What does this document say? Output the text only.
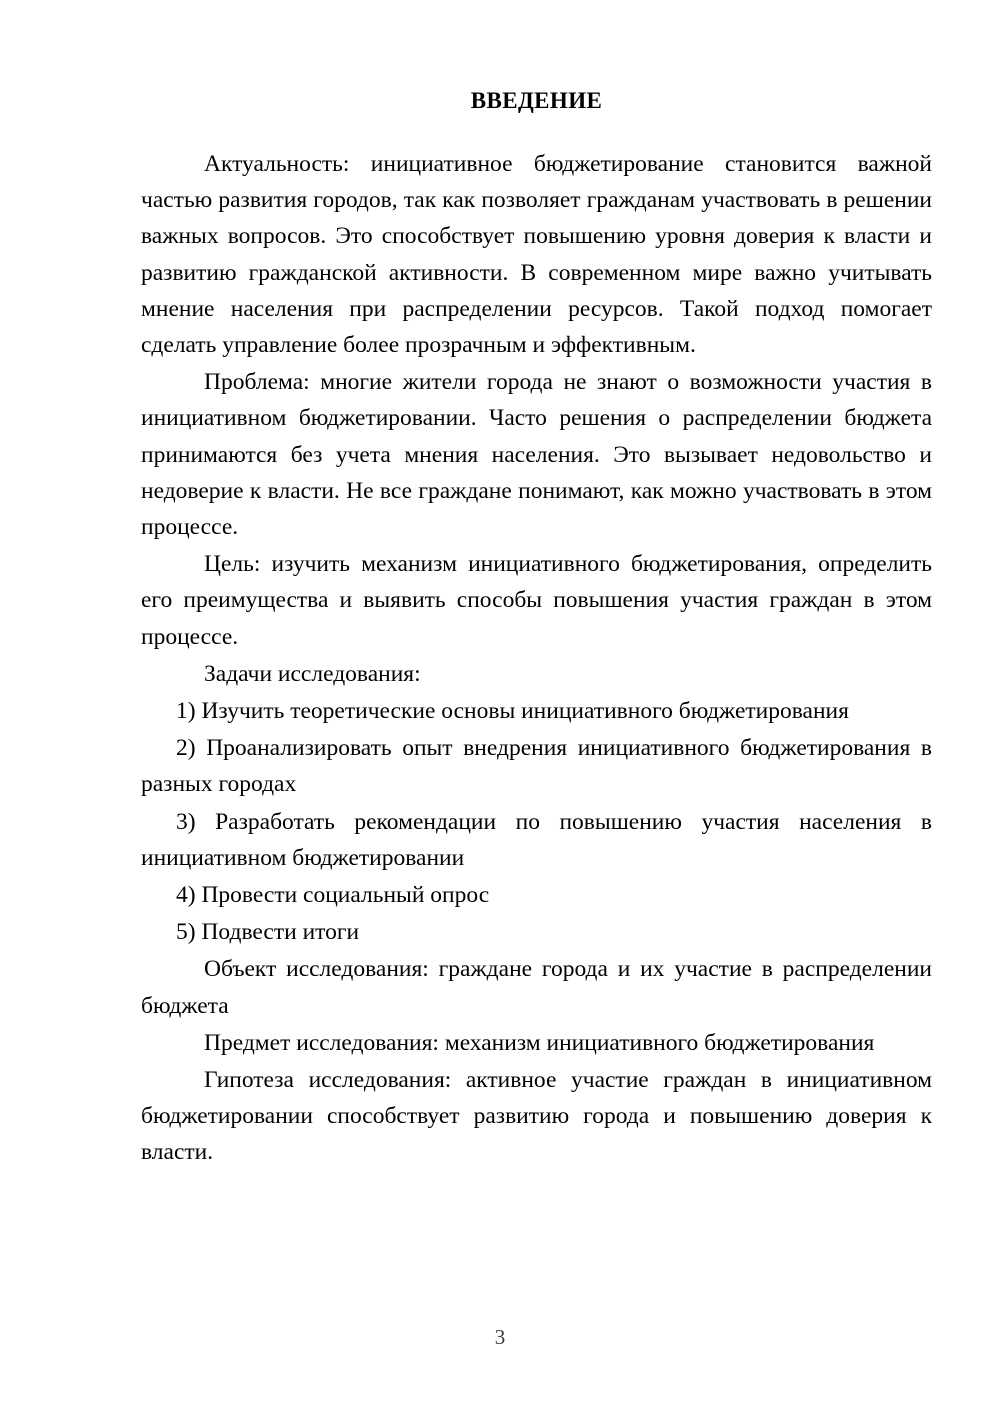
ВВЕДЕНИЕ

Актуальность: инициативное бюджетирование становится важной частью развития городов, так как позволяет гражданам участвовать в решении важных вопросов. Это способствует повышению уровня доверия к власти и развитию гражданской активности. В современном мире важно учитывать мнение населения при распределении ресурсов. Такой подход помогает сделать управление более прозрачным и эффективным.

Проблема: многие жители города не знают о возможности участия в инициативном бюджетировании. Часто решения о распределении бюджета принимаются без учета мнения населения. Это вызывает недовольство и недоверие к власти. Не все граждане понимают, как можно участвовать в этом процессе.

Цель: изучить механизм инициативного бюджетирования, определить его преимущества и выявить способы повышения участия граждан в этом процессе.

Задачи исследования:

1) Изучить теоретические основы инициативного бюджетирования

2) Проанализировать опыт внедрения инициативного бюджетирования в разных городах

3) Разработать рекомендации по повышению участия населения в инициативном бюджетировании

4) Провести социальный опрос

5) Подвести итоги

Объект исследования: граждане города и их участие в распределении бюджета

Предмет исследования: механизм инициативного бюджетирования

Гипотеза исследования: активное участие граждан в инициативном бюджетировании способствует развитию города и повышению доверия к власти.

3
